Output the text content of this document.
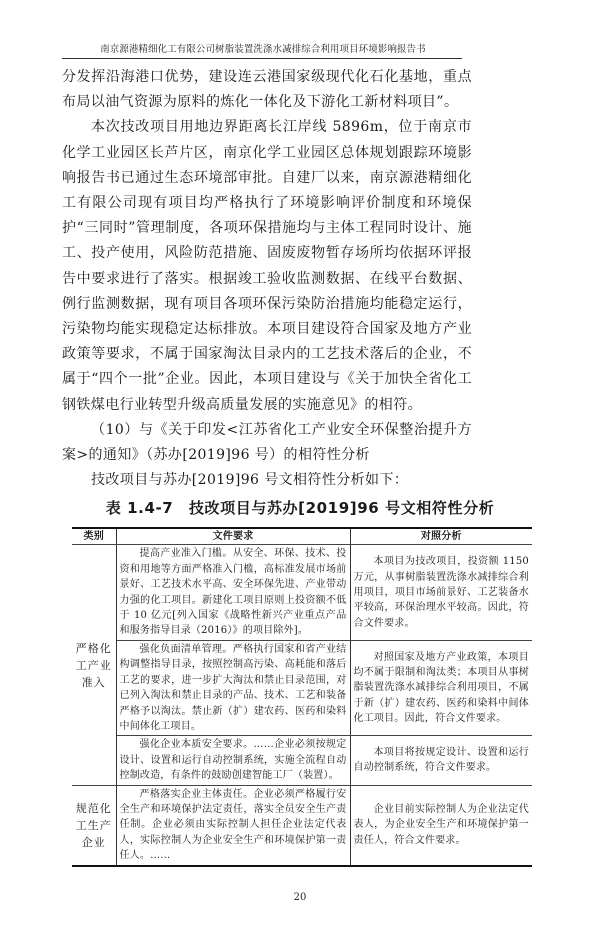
南京源港精细化工有限公司树脂装置洗涤水减排综合利用项目环境影响报告书

分发挥沿海港口优势，建设连云港国家级现代化石化基地，重点布局以油气资源为原料的炼化一体化及下游化工新材料项目”。

本次技改项目用地边界距离长江岸线 5896m，位于南京市化学工业园区长芦片区，南京化学工业园区总体规划跟踪环境影响报告书已通过生态环境部审批。自建厂以来，南京源港精细化工有限公司现有项目均严格执行了环境影响评价制度和环境保护“三同时”管理制度，各项环保措施均与主体工程同时设计、施工、投产使用，风险防范措施、固废废物暂存场所均依据环评报告中要求进行了落实。根据竣工验收监测数据、在线平台数据、例行监测数据，现有项目各项环保污染防治措施均能稳定运行，污染物均能实现稳定达标排放。本项目建设符合国家及地方产业政策等要求，不属于国家淘汰目录内的工艺技术落后的企业，不属于“四个一批”企业。因此，本项目建设与《关于加快全省化工钢铁煤电行业转型升级高质量发展的实施意见》的相符。

（10）与《关于印发<江苏省化工产业安全环保整治提升方案>的通知》（苏办[2019]96 号）的相符性分析

技改项目与苏办[2019]96 号文相符性分析如下：

表 1.4-7　技改项目与苏办[2019]96 号文相符性分析
类别	文件要求	对照分析
严格化工产业准入	提高产业准入门槛。从安全、环保、技术、投资和用地等方面严格准入门槛，高标准发展市场前景好、工艺技术水平高、安全环保先进、产业带动力强的化工项目。新建化工项目原则上投资额不低于 10 亿元[列入国家《战略性新兴产业重点产品和服务指导目录（2016）》的项目除外]。	本项目为技改项目，投资额 1150 万元，从事树脂装置洗涤水减排综合利用项目，项目市场前景好、工艺装备水平较高，环保治理水平较高。因此，符合文件要求。
	强化负面清单管理。严格执行国家和省产业结构调整指导目录，按照控制高污染、高耗能和落后工艺的要求，进一步扩大淘汰和禁止目录范围，对已列入淘汰和禁止目录的产品、技术、工艺和装备严格予以淘汰。禁止新（扩）建农药、医药和染料中间体化工项目。	对照国家及地方产业政策，本项目均不属于限制和淘汰类；本项目从事树脂装置洗涤水减排综合利用项目，不属于新（扩）建农药、医药和染料中间体化工项目。因此，符合文件要求。
	强化企业本质安全要求。……企业必须按规定设计、设置和运行自动控制系统，实施全流程自动控制改造，有条件的鼓励创建智能工厂（装置）。	本项目将按规定设计、设置和运行自动控制系统，符合文件要求。
规范化工生产企业	严格落实企业主体责任。企业必须严格履行安全生产和环境保护法定责任，落实全员安全生产责任制。企业必须由实际控制人担任企业法定代表人，实际控制人为企业安全生产和环境保护第一责任人。……	企业目前实际控制人为企业法定代表人，为企业安全生产和环境保护第一责任人，符合文件要求。
20
